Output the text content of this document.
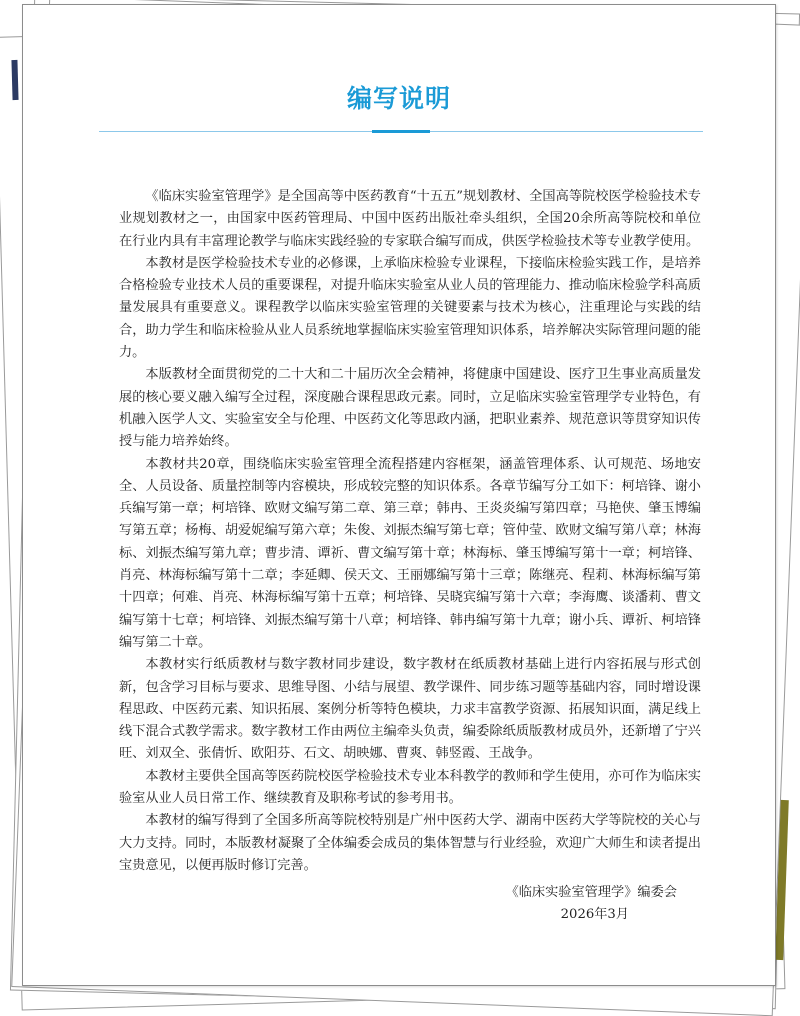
编写说明

《临床实验室管理学》是全国高等中医药教育“十五五”规划教材、全国高等院校医学检验技术专业规划教材之一，由国家中医药管理局、中国中医药出版社牵头组织，全国20余所高等院校和单位在行业内具有丰富理论教学与临床实践经验的专家联合编写而成，供医学检验技术等专业教学使用。

本教材是医学检验技术专业的必修课，上承临床检验专业课程，下接临床检验实践工作，是培养合格检验专业技术人员的重要课程，对提升临床实验室从业人员的管理能力、推动临床检验学科高质量发展具有重要意义。课程教学以临床实验室管理的关键要素与技术为核心，注重理论与实践的结合，助力学生和临床检验从业人员系统地掌握临床实验室管理知识体系，培养解决实际管理问题的能力。

本版教材全面贯彻党的二十大和二十届历次全会精神，将健康中国建设、医疗卫生事业高质量发展的核心要义融入编写全过程，深度融合课程思政元素。同时，立足临床实验室管理学专业特色，有机融入医学人文、实验室安全与伦理、中医药文化等思政内涵，把职业素养、规范意识等贯穿知识传授与能力培养始终。

本教材共20章，围绕临床实验室管理全流程搭建内容框架，涵盖管理体系、认可规范、场地安全、人员设备、质量控制等内容模块，形成较完整的知识体系。各章节编写分工如下：柯培锋、谢小兵编写第一章；柯培锋、欧财文编写第二章、第三章；韩冉、王炎炎编写第四章；马艳侠、肇玉博编写第五章；杨梅、胡爱妮编写第六章；朱俊、刘振杰编写第七章；管仲莹、欧财文编写第八章；林海标、刘振杰编写第九章；曹步清、谭祈、曹文编写第十章；林海标、肇玉博编写第十一章；柯培锋、肖亮、林海标编写第十二章；李延卿、侯天文、王丽娜编写第十三章；陈继亮、程莉、林海标编写第十四章；何难、肖亮、林海标编写第十五章；柯培锋、吴晓宾编写第十六章；李海鹰、谈潘莉、曹文编写第十七章；柯培锋、刘振杰编写第十八章；柯培锋、韩冉编写第十九章；谢小兵、谭祈、柯培锋编写第二十章。

本教材实行纸质教材与数字教材同步建设，数字教材在纸质教材基础上进行内容拓展与形式创新，包含学习目标与要求、思维导图、小结与展望、教学课件、同步练习题等基础内容，同时增设课程思政、中医药元素、知识拓展、案例分析等特色模块，力求丰富教学资源、拓展知识面，满足线上线下混合式教学需求。数字教材工作由两位主编牵头负责，编委除纸质版教材成员外，还新增了宁兴旺、刘双全、张倩忻、欧阳芬、石文、胡映娜、曹爽、韩竖霞、王战争。

本教材主要供全国高等医药院校医学检验技术专业本科教学的教师和学生使用，亦可作为临床实验室从业人员日常工作、继续教育及职称考试的参考用书。

本教材的编写得到了全国多所高等院校特别是广州中医药大学、湖南中医药大学等院校的关心与大力支持。同时，本版教材凝聚了全体编委会成员的集体智慧与行业经验，欢迎广大师生和读者提出宝贵意见，以便再版时修订完善。

《临床实验室管理学》编委会
2026年3月
